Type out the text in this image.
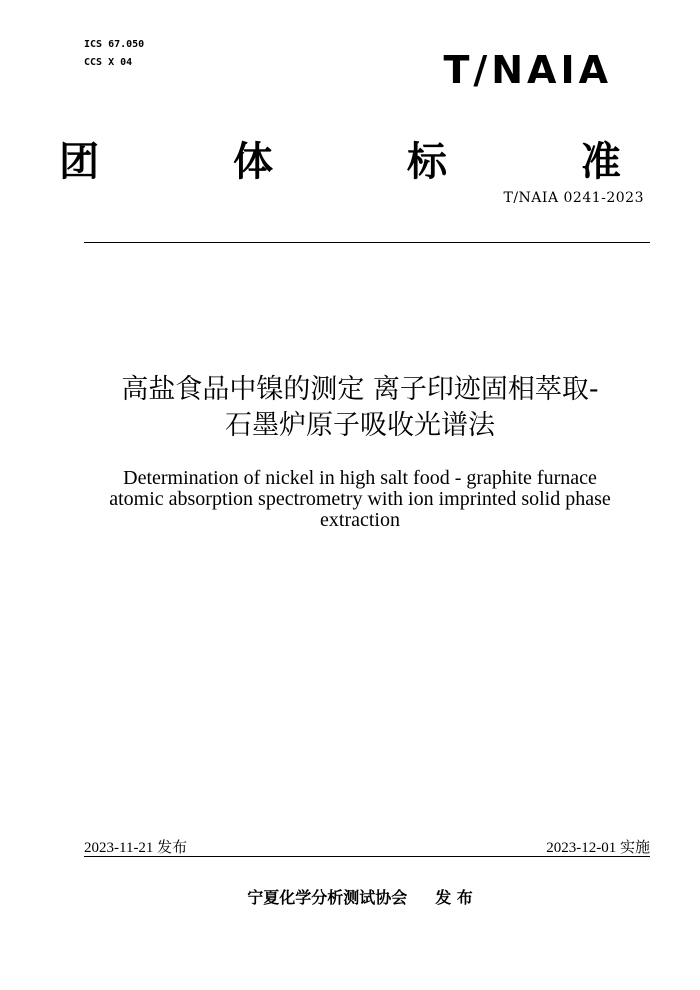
ICS 67.050
CCS X 04	T/NAIA
团 体 标 准
T/NAIA 0241-2023
高盐食品中镍的测定 离子印迹固相萃取-
石墨炉原子吸收光谱法
Determination of nickel in high salt food - graphite furnace
atomic absorption spectrometry with ion imprinted solid phase
extraction
2023-11-21 发布	2023-12-01 实施
宁夏化学分析测试协会 发 布
